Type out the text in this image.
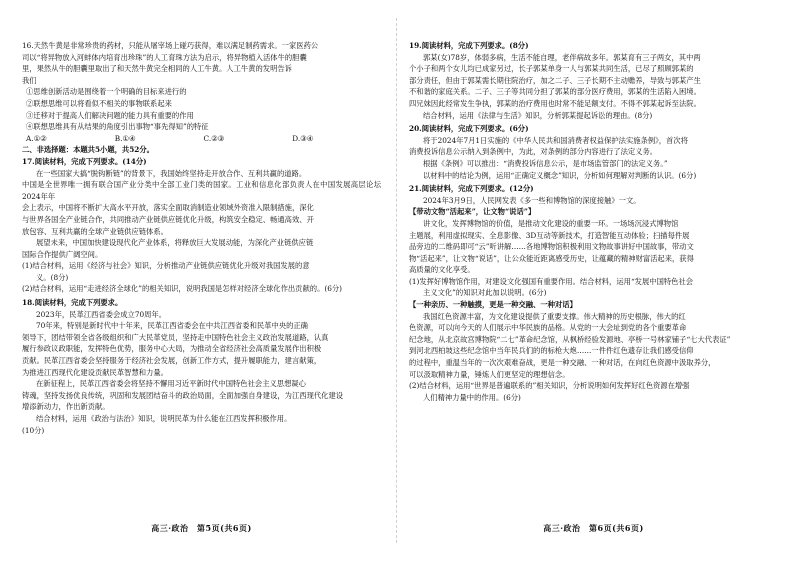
16.天然牛黄是非常珍贵的药材，只能从屠宰场上碰巧获得，难以满足制药需求。一家医药公

司以“将异物放入河蚌体内培育出珍珠”的人工育珠方法为启示，将异物植入活体牛的胆囊

里，果然从牛的胆囊里取出了和天然牛黄完全相同的人工牛黄。人工牛黄的发明告诉

我们

①思维创新活动是围绕着一个明确的目标来进行的

②联想思维可以将看似不相关的事物联系起来

③迁移对于提高人们解决问题的能力具有重要的作用

④联想思维具有从结果的角度引出事物“事先得知”的特征

A.①②	B.①④	C.②③	D.③④

二、非选择题：本题共5小题，共52分。

17.阅读材料，完成下列要求。(14分)

在一些国家大搞“脱钩断链”的背景下，我国始终坚持走开放合作、互利共赢的道路。

中国是全世界唯一拥有联合国产业分类中全部工业门类的国家。工业和信息化部负责人在中国发展高层论坛2024年年

会上表示，中国将不断扩大高水平开放，落实全面取消制造业领域外资准入限制措施，深化

与世界各国全产业链合作，共同推动产业链供应链优化升级，构筑安全稳定、畅通高效、开

放包容、互利共赢的全球产业链供应链体系。

展望未来，中国加快建设现代化产业体系，将释放巨大发展动能，为深化产业链供应链

国际合作提供广阔空间。

(1)结合材料，运用《经济与社会》知识，分析推动产业链供应链优化升级对我国发展的意

义。(8分)

(2)结合材料，运用“走进经济全球化”的相关知识，说明我国是怎样对经济全球化作出贡献的。(6分)

18.阅读材料，完成下列要求。

2023年，民革江西省委会成立70周年。

70年来，特别是新时代中十年来，民革江西省委会在中共江西省委和民革中央的正确

领导下，团结带领全省各级组织和广大民革党员，坚持走中国特色社会主义政治发展道路，认真

履行参政议政职能，发挥特色优势，服务中心大局，为推动全省经济社会高质量发展作出积极

贡献。民革江西省委会坚持服务于经济社会发展，创新工作方式，提升履职能力，建言献策，

为推进江西现代化建设贡献民革智慧和力量。

在新征程上，民革江西省委会将坚持不懈用习近平新时代中国特色社会主义思想凝心

铸魂，坚持发扬优良传统，巩固和发展团结奋斗的政治局面，全面加强自身建设，为江西现代化建设

增添新动力，作出新贡献。

结合材料，运用《政治与法治》知识，说明民革为什么能在江西发挥积极作用。

(10分)

高三·政治　第5页(共6页)

19.阅读材料，完成下列要求。(8分)

郭某(女)78岁，体弱多病，生活不能自理，老伴病故多年。郭某育有三子两女，其中两

个小子和两个女儿均已成家另过，长子郭某单身一人与郭某共同生活，已尽了照顾郭某的

部分责任，但由于郭某需长期住院治疗，加之二子、三子长期不主动赡养，导致与郭某产生

不和谐的家庭关系。二子、三子等共同分担了郭某的部分医疗费用，郭某的生活陷入困境。

四兄妹因此经常发生争执，郭某的治疗费用也时常不能足额支付。不得不郭某起诉至法院。

结合材料，运用《法律与生活》知识，分析郭某提起诉讼的理由。(8分)

20.阅读材料，完成下列要求。(6分)

将于2024年7月1日实施的《中华人民共和国消费者权益保护法实施条例》，首次将

消费投诉信息公示纳入到条例中，为此，对条例的部分内容进行了法定义务。

根据《条例》可以推出：“消费投诉信息公示，是市场监管部门的法定义务。”

以材料中的结论为例，运用“正确定义概念”知识，分析如何理解对判断的认识。(6分)

21.阅读材料，完成下列要求。(12分)

2024年3月9日，人民网发表《多一些和博物馆的深度接触》一文。

【带动文物“活起来”，让文物“说话”】

讲文化，发挥博物馆的价值，是推动文化建设的重要一环。一场场沉浸式博物馆

主题展，利用虚拟现实、全息影像、3D互动等新技术，打造智能互动体验；扫描每件展

品旁边的二维码即可“云”听讲解……各地博物馆积极利用文物故事讲好中国故事，带动文

物“活起来”，让文物“说话”，让公众能近距离感受历史，让蕴藏的精神财富活起来，获得

高质量的文化享受。

(1)发挥好博物馆作用，对建设文化强国有重要作用。结合材料，运用“发展中国特色社会

主义文化”的知识对此加以说明。(6分)

【一种亲历、一种触摸，更是一种交融、一种对话】

我国红色资源丰富，为文化建设提供了重要支撑。伟大精神的历史根脉，伟大的红

色资源，可以向今天的人们展示中华民族的品格。从党的一大会址到党的各个重要革命

纪念地，从北京故宫博物院“二七”革命纪念馆，从枫桥经验发源地、亭桥一号林家铺子“七大代表证”

到河北西柏坡这些纪念馆中当年民兵们的的标枪大炮……一件件红色遗存让我们感受信仰

的过程中，重温当年的一次次艰难奋战，更是一种交融、一种对话，在向红色资源中汲取养分，

可以汲取精神力量，锤炼人们更坚定的理想信念。

(2)结合材料，运用“世界是普遍联系的”相关知识，分析说明如何发挥好红色资源在增强

人们精神力量中的作用。(6分)

高三·政治　第6页(共6页)
